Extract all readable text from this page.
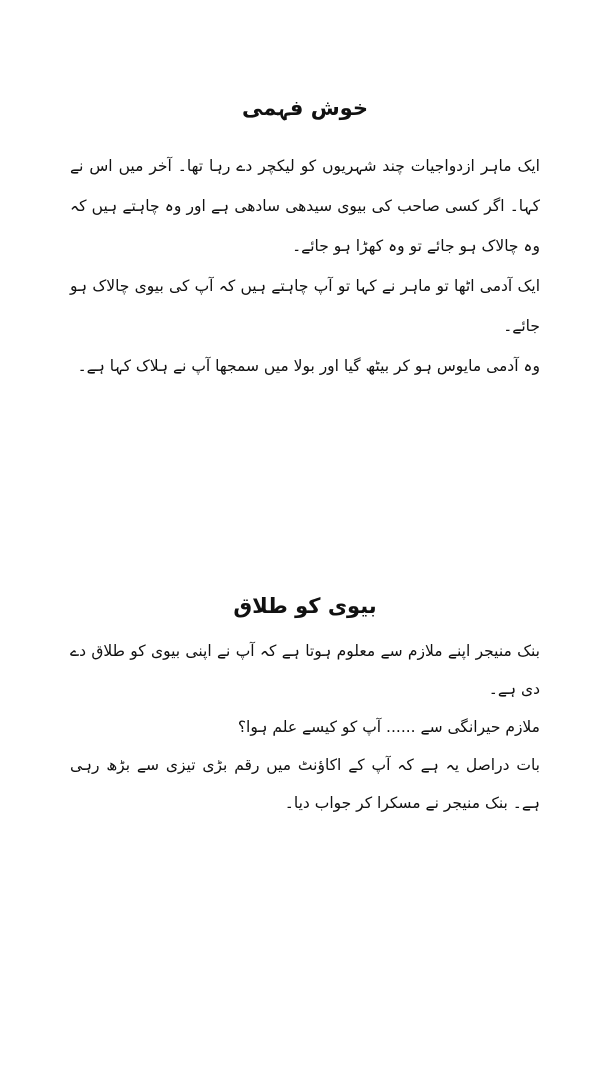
خوش فہمی

ایک ماہر ازدواجیات چند شہریوں کو لیکچر دے رہا تھا۔ آخر میں اس نے کہا۔ اگر کسی صاحب کی بیوی سیدھی سادھی ہے اور وہ چاہتے ہیں کہ وہ چالاک ہو جائے تو وہ کھڑا ہو جائے۔

ایک آدمی اٹھا تو ماہر نے کہا تو آپ چاہتے ہیں کہ آپ کی بیوی چالاک ہو جائے۔

وہ آدمی مایوس ہو کر بیٹھ گیا اور بولا میں سمجھا آپ نے ہلاک کہا ہے۔

بیوی کو طلاق

بنک منیجر اپنے ملازم سے معلوم ہوتا ہے کہ آپ نے اپنی بیوی کو طلاق دے دی ہے۔

ملازم حیرانگی سے ...... آپ کو کیسے علم ہوا؟

بات دراصل یہ ہے کہ آپ کے اکاؤنٹ میں رقم بڑی تیزی سے بڑھ رہی ہے۔ بنک منیجر نے مسکرا کر جواب دیا۔
